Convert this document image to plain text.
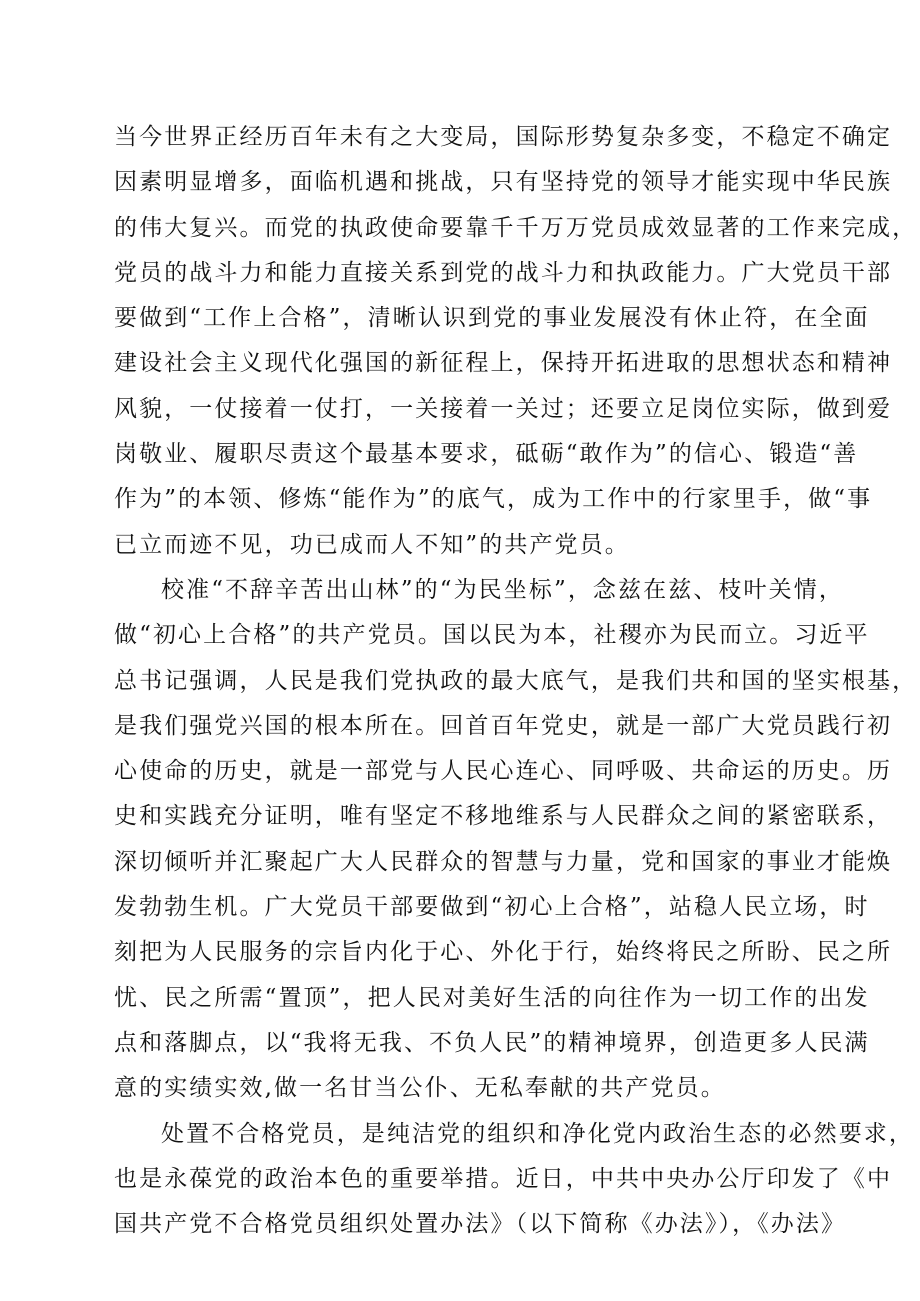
当今世界正经历百年未有之大变局，国际形势复杂多变，不稳定不确定
因素明显增多，面临机遇和挑战，只有坚持党的领导才能实现中华民族
的伟大复兴。而党的执政使命要靠千千万万党员成效显著的工作来完成，
党员的战斗力和能力直接关系到党的战斗力和执政能力。广大党员干部
要做到“工作上合格”，清晰认识到党的事业发展没有休止符，在全面
建设社会主义现代化强国的新征程上，保持开拓进取的思想状态和精神
风貌，一仗接着一仗打，一关接着一关过；还要立足岗位实际，做到爱
岗敬业、履职尽责这个最基本要求，砥砺“敢作为”的信心、锻造“善
作为”的本领、修炼“能作为”的底气，成为工作中的行家里手，做“事
已立而迹不见，功已成而人不知”的共产党员。
校准“不辞辛苦出山林”的“为民坐标”，念兹在兹、枝叶关情，
做“初心上合格”的共产党员。国以民为本，社稷亦为民而立。习近平
总书记强调，人民是我们党执政的最大底气，是我们共和国的坚实根基，
是我们强党兴国的根本所在。回首百年党史，就是一部广大党员践行初
心使命的历史，就是一部党与人民心连心、同呼吸、共命运的历史。历
史和实践充分证明，唯有坚定不移地维系与人民群众之间的紧密联系，
深切倾听并汇聚起广大人民群众的智慧与力量，党和国家的事业才能焕
发勃勃生机。广大党员干部要做到“初心上合格”，站稳人民立场，时
刻把为人民服务的宗旨内化于心、外化于行，始终将民之所盼、民之所
忧、民之所需“置顶”，把人民对美好生活的向往作为一切工作的出发
点和落脚点，以“我将无我、不负人民”的精神境界，创造更多人民满
意的实绩实效,做一名甘当公仆、无私奉献的共产党员。
处置不合格党员，是纯洁党的组织和净化党内政治生态的必然要求，
也是永葆党的政治本色的重要举措。近日，中共中央办公厅印发了《中
国共产党不合格党员组织处置办法》（以下简称《办法》），《办法》
